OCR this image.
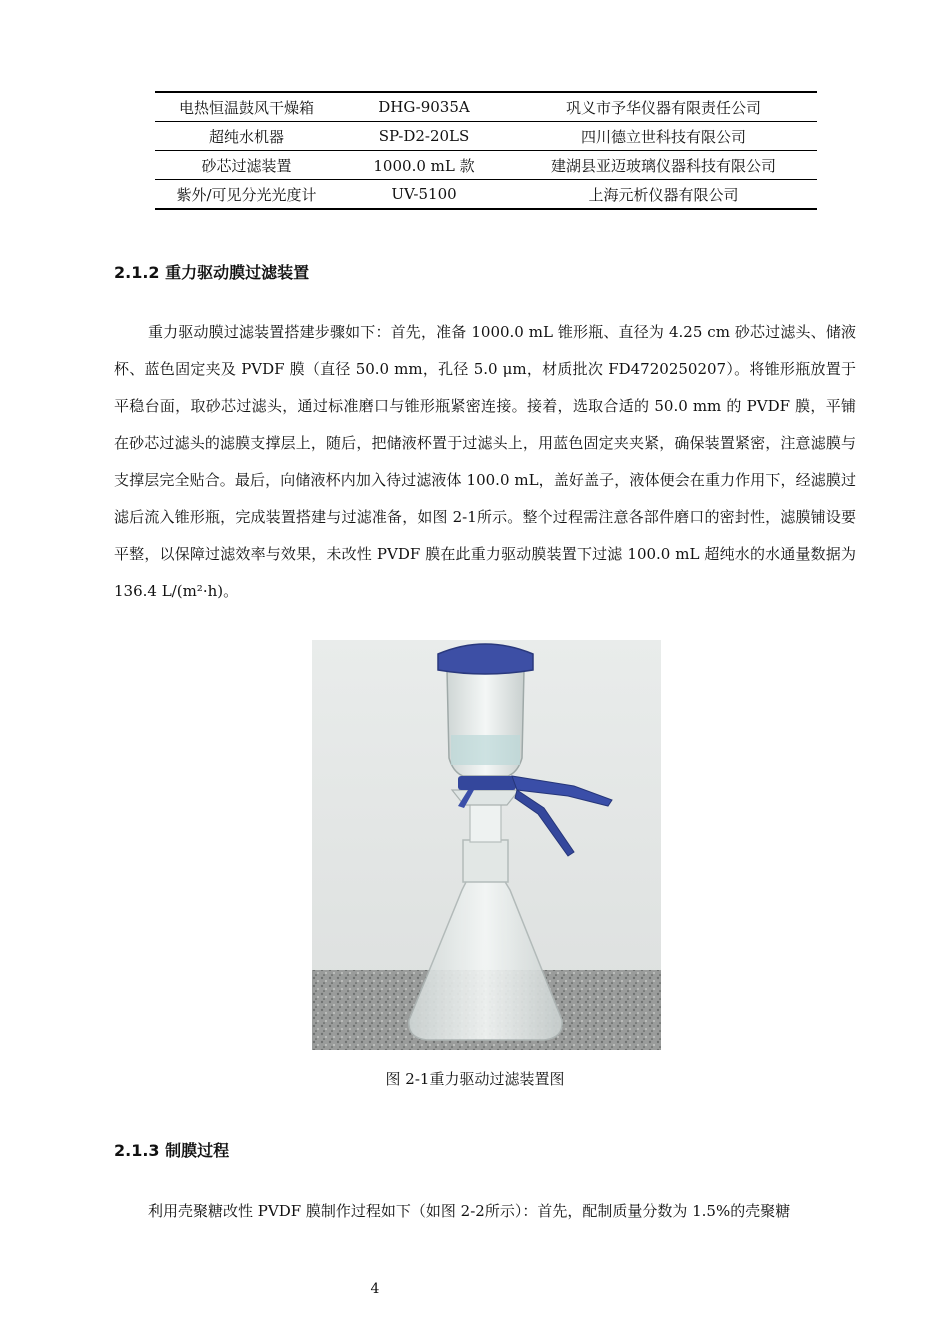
电热恒温鼓风干燥箱	DHG-9035A	巩义市予华仪器有限责任公司
超纯水机器	SP-D2-20LS	四川德立世科技有限公司
砂芯过滤装置	1000.0 mL 款	建湖县亚迈玻璃仪器科技有限公司
紫外/可见分光光度计	UV-5100	上海元析仪器有限公司
2.1.2 重力驱动膜过滤装置

重力驱动膜过滤装置搭建步骤如下：首先，准备 1000.0 mL 锥形瓶、直径为 4.25 cm 砂芯过滤头、储液杯、蓝色固定夹及 PVDF 膜（直径 50.0 mm，孔径 5.0 μm，材质批次 FD4720250207）。将锥形瓶放置于平稳台面，取砂芯过滤头，通过标准磨口与锥形瓶紧密连接。接着，选取合适的 50.0 mm 的 PVDF 膜，平铺在砂芯过滤头的滤膜支撑层上，随后，把储液杯置于过滤头上，用蓝色固定夹夹紧，确保装置紧密，注意滤膜与支撑层完全贴合。最后，向储液杯内加入待过滤液体 100.0 mL，盖好盖子，液体便会在重力作用下，经滤膜过滤后流入锥形瓶，完成装置搭建与过滤准备，如图 2-1所示。整个过程需注意各部件磨口的密封性，滤膜铺设要平整，以保障过滤效率与效果，未改性 PVDF 膜在此重力驱动膜装置下过滤 100.0 mL 超纯水的水通量数据为 136.4 L/(m²·h)。

图 2-1重力驱动过滤装置图
2.1.3 制膜过程

利用壳聚糖改性 PVDF 膜制作过程如下（如图 2-2所示）：首先，配制质量分数为 1.5%的壳聚糖

4
